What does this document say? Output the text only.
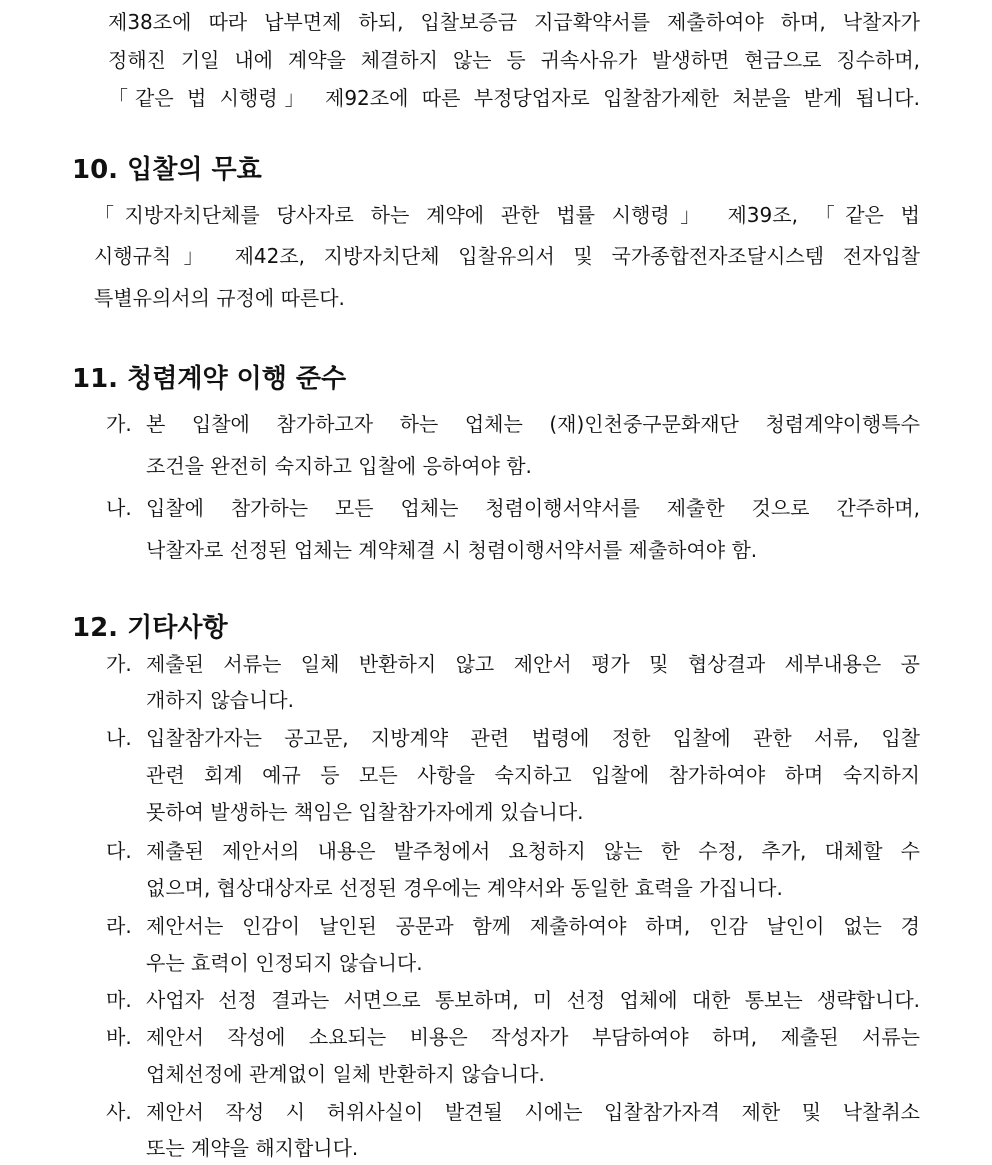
제38조에 따라 납부면제 하되, 입찰보증금 지급확약서를 제출하여야 하며, 낙찰자가
정해진 기일 내에 계약을 체결하지 않는 등 귀속사유가 발생하면 현금으로 징수하며,
「같은 법 시행령」 제92조에 따른 부정당업자로 입찰참가제한 처분을 받게 됩니다.
10. 입찰의 무효
「지방자치단체를 당사자로 하는 계약에 관한 법률 시행령」 제39조, 「같은 법
시행규칙」 제42조, 지방자치단체 입찰유의서 및 국가종합전자조달시스템 전자입찰
특별유의서의 규정에 따른다.
11. 청렴계약 이행 준수
가. 본 입찰에 참가하고자 하는 업체는 (재)인천중구문화재단 청렴계약이행특수
조건을 완전히 숙지하고 입찰에 응하여야 함.
나. 입찰에 참가하는 모든 업체는 청렴이행서약서를 제출한 것으로 간주하며,
낙찰자로 선정된 업체는 계약체결 시 청렴이행서약서를 제출하여야 함.
12. 기타사항
가. 제출된 서류는 일체 반환하지 않고 제안서 평가 및 협상결과 세부내용은 공
개하지 않습니다.
나. 입찰참가자는 공고문, 지방계약 관련 법령에 정한 입찰에 관한 서류, 입찰
관련 회계 예규 등 모든 사항을 숙지하고 입찰에 참가하여야 하며 숙지하지
못하여 발생하는 책임은 입찰참가자에게 있습니다.
다. 제출된 제안서의 내용은 발주청에서 요청하지 않는 한 수정, 추가, 대체할 수
없으며, 협상대상자로 선정된 경우에는 계약서와 동일한 효력을 가집니다.
라. 제안서는 인감이 날인된 공문과 함께 제출하여야 하며, 인감 날인이 없는 경
우는 효력이 인정되지 않습니다.
마. 사업자 선정 결과는 서면으로 통보하며, 미 선정 업체에 대한 통보는 생략합니다.
바. 제안서 작성에 소요되는 비용은 작성자가 부담하여야 하며, 제출된 서류는
업체선정에 관계없이 일체 반환하지 않습니다.
사. 제안서 작성 시 허위사실이 발견될 시에는 입찰참가자격 제한 및 낙찰취소
또는 계약을 해지합니다.
